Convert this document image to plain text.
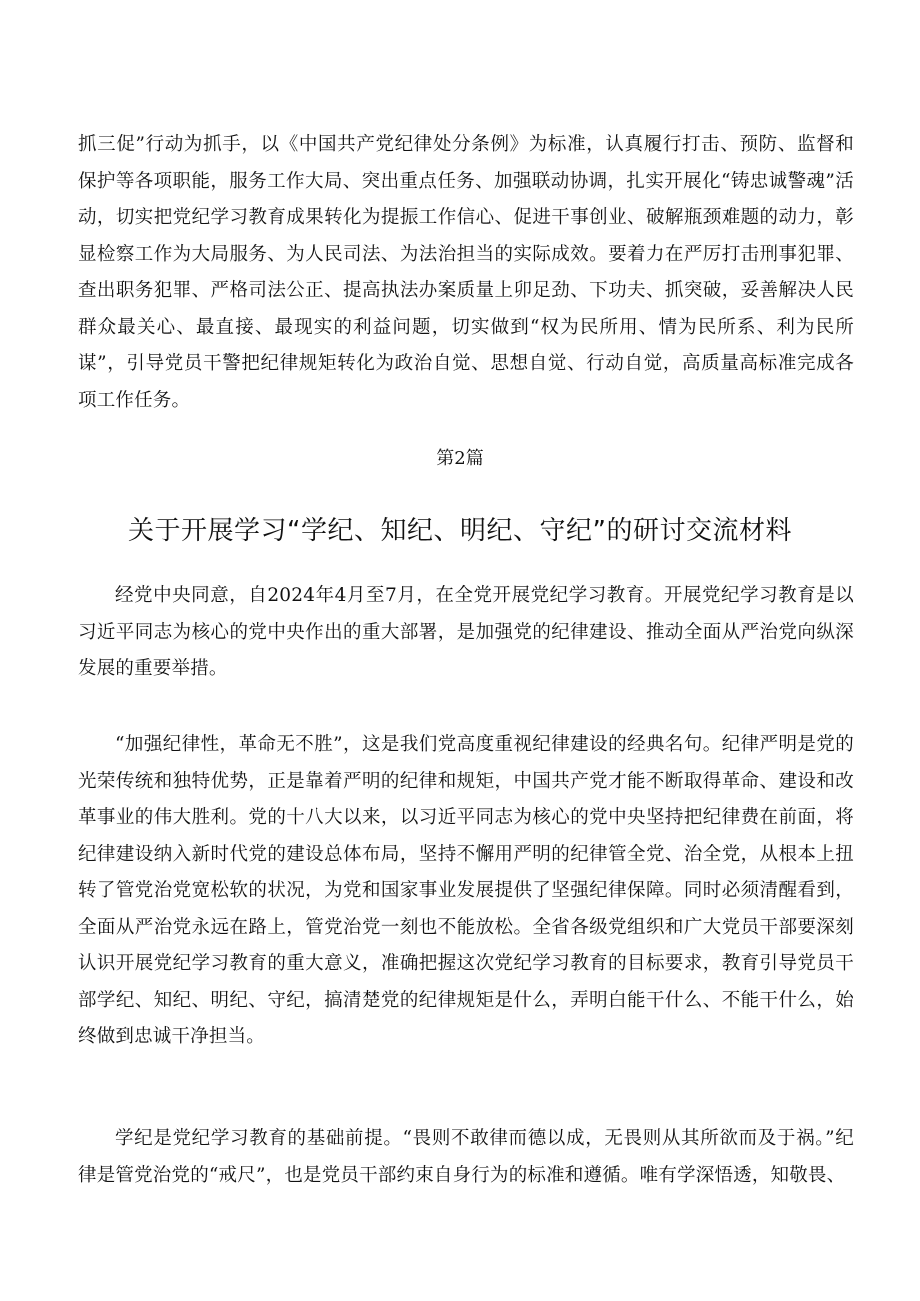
抓三促”行动为抓手，以《中国共产党纪律处分条例》为标准，认真履行打击、预防、监督和保护等各项职能，服务工作大局、突出重点任务、加强联动协调，扎实开展化“铸忠诚警魂”活动，切实把党纪学习教育成果转化为提振工作信心、促进干事创业、破解瓶颈难题的动力，彰显检察工作为大局服务、为人民司法、为法治担当的实际成效。要着力在严厉打击刑事犯罪、查出职务犯罪、严格司法公正、提高执法办案质量上卯足劲、下功夫、抓突破，妥善解决人民群众最关心、最直接、最现实的利益问题，切实做到“权为民所用、情为民所系、利为民所谋”，引导党员干警把纪律规矩转化为政治自觉、思想自觉、行动自觉，高质量高标准完成各项工作任务。

第2篇
关于开展学习“学纪、知纪、明纪、守纪”的研讨交流材料

经党中央同意，自2024年4月至7月，在全党开展党纪学习教育。开展党纪学习教育是以习近平同志为核心的党中央作出的重大部署，是加强党的纪律建设、推动全面从严治党向纵深发展的重要举措。

“加强纪律性，革命无不胜”，这是我们党高度重视纪律建设的经典名句。纪律严明是党的光荣传统和独特优势，正是靠着严明的纪律和规矩，中国共产党才能不断取得革命、建设和改革事业的伟大胜利。党的十八大以来，以习近平同志为核心的党中央坚持把纪律费在前面，将纪律建设纳入新时代党的建设总体布局，坚持不懈用严明的纪律管全党、治全党，从根本上扭转了管党治党宽松软的状况，为党和国家事业发展提供了坚强纪律保障。同时必须清醒看到，全面从严治党永远在路上，管党治党一刻也不能放松。全省各级党组织和广大党员干部要深刻认识开展党纪学习教育的重大意义，准确把握这次党纪学习教育的目标要求，教育引导党员干部学纪、知纪、明纪、守纪，搞清楚党的纪律规矩是什么，弄明白能干什么、不能干什么，始终做到忠诚干净担当。

学纪是党纪学习教育的基础前提。“畏则不敢律而德以成，无畏则从其所欲而及于祸。”纪律是管党治党的“戒尺”，也是党员干部约束自身行为的标准和遵循。唯有学深悟透，知敬畏、
